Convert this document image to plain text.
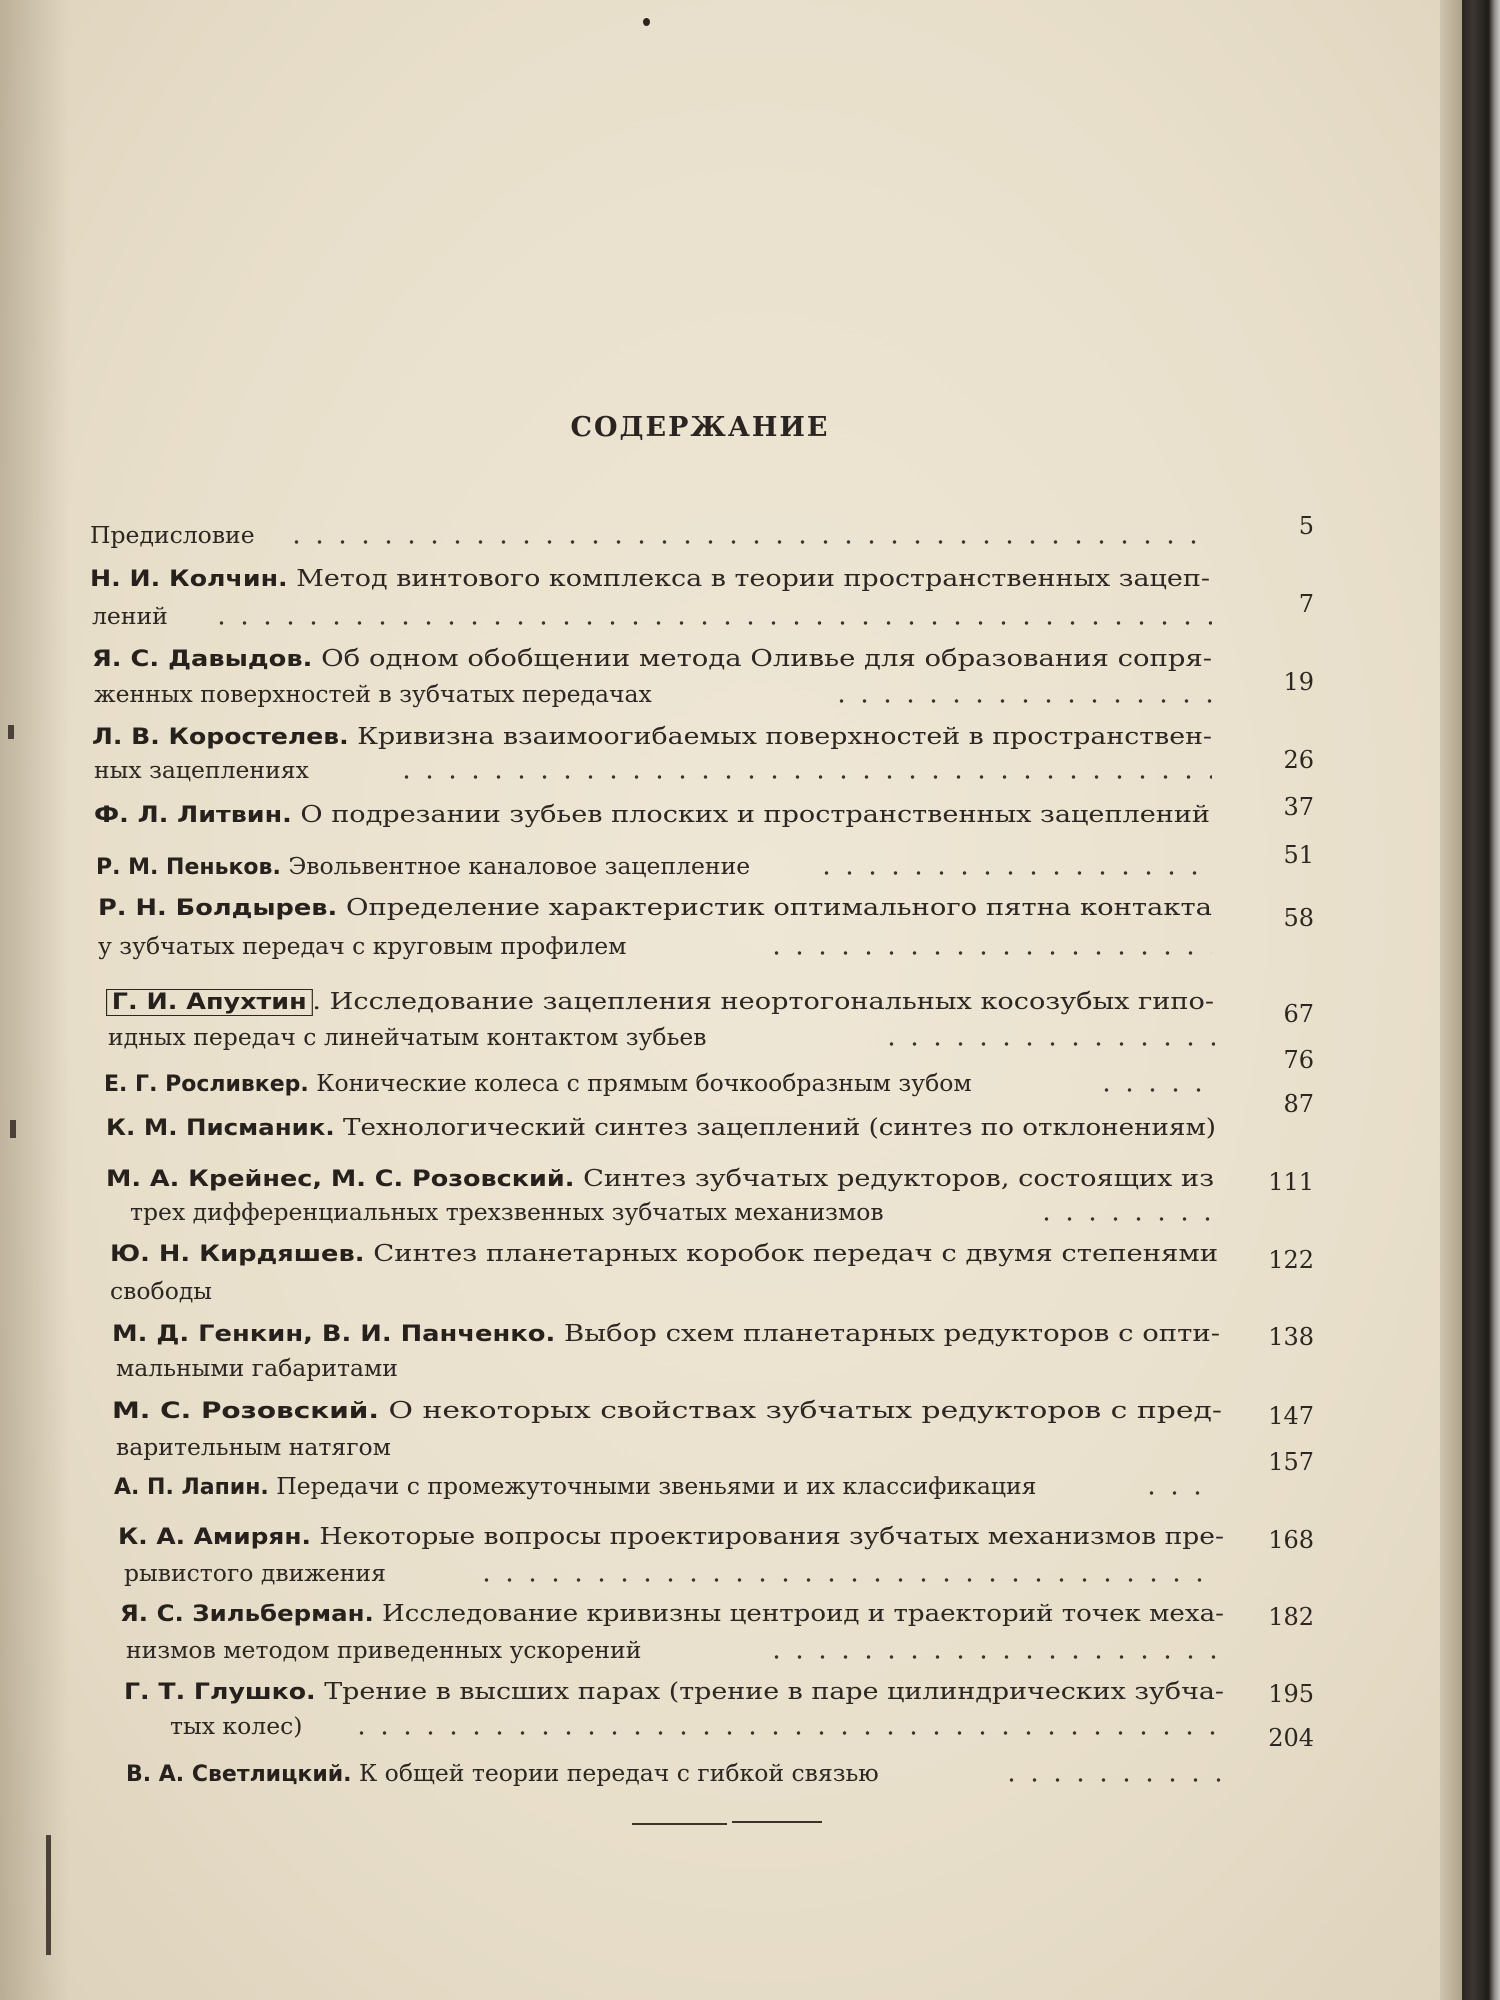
СОДЕРЖАНИЕ
Предисловие	5
Н. И. Колчин. Метод винтового комплекса в теории пространственных зацеп-
лений	7
Я. С. Давыдов. Об одном обобщении метода Оливье для образования сопря-
женных поверхностей в зубчатых передачах	19
Л. В. Коростелев. Кривизна взаимоогибаемых поверхностей в пространствен-
ных зацеплениях	26
Ф. Л. Литвин. О подрезании зубьев плоских и пространственных зацеплений	37
Р. М. Пеньков. Эвольвентное каналовое зацепление	51
Р. Н. Болдырев. Определение характеристик оптимального пятна контакта
у зубчатых передач с круговым профилем
58
Г. И. Апухтин . Исследование зацепления неортогональных косозубых гипо-
идных передач с линейчатым контактом зубьев
67
Е. Г. Росливкер. Конические колеса с прямым бочкообразным зубом
76
К. М. Писманик. Технологический синтез зацеплений (синтез по отклонениям)
87
М. А. Крейнес, М. С. Розовский. Синтез зубчатых редукторов, состоящих из
трех дифференциальных трехзвенных зубчатых механизмов
111
Ю. Н. Кирдяшев. Синтез планетарных коробок передач с двумя степенями
свободы
122
М. Д. Генкин, В. И. Панченко. Выбор схем планетарных редукторов с опти-
мальными габаритами
138
М. С. Розовский. О некоторых свойствах зубчатых редукторов с пред-
варительным натягом
147
А. П. Лапин. Передачи с промежуточными звеньями и их классификация
157
К. А. Амирян. Некоторые вопросы проектирования зубчатых механизмов пре-
рывистого движения
168
Я. С. Зильберман. Исследование кривизны центроид и траекторий точек меха-
низмов методом приведенных ускорений
182
Г. Т. Глушко. Трение в высших парах (трение в паре цилиндрических зубча-
тых колес)
195
В. А. Светлицкий. К общей теории передач с гибкой связью
204
